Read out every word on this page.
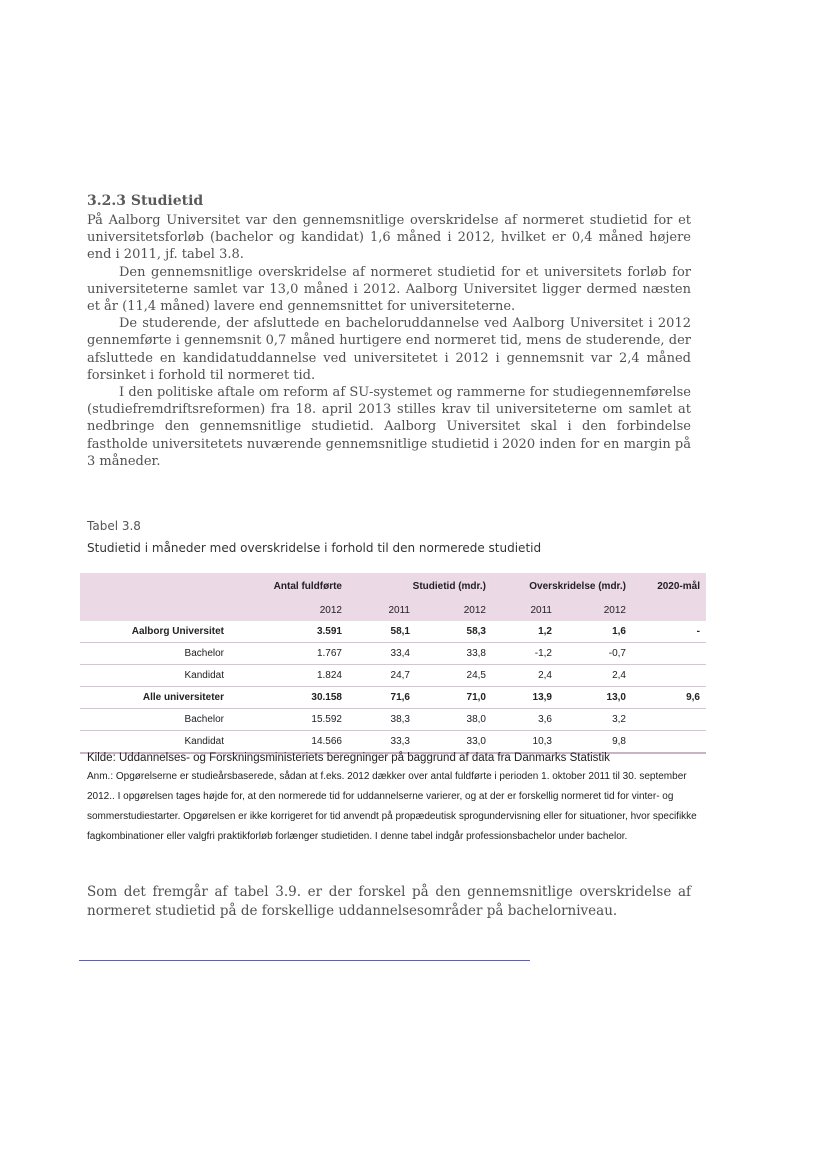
3.2.3 Studietid

På Aalborg Universitet var den gennemsnitlige overskridelse af normeret studietid for et universitetsforløb (bachelor og kandidat) 1,6 måned i 2012, hvilket er 0,4 måned højere end i 2011, jf. tabel 3.8.

Den gennemsnitlige overskridelse af normeret studietid for et universitets forløb for universiteterne samlet var 13,0 måned i 2012. Aalborg Universitet ligger dermed næsten et år (11,4 måned) lavere end gennemsnittet for universiteterne.

De studerende, der afsluttede en bacheloruddannelse ved Aalborg Universitet i 2012 gennemførte i gennemsnit 0,7 måned hurtigere end normeret tid, mens de studerende, der afsluttede en kandidatuddannelse ved universitetet i 2012 i gennemsnit var 2,4 måned forsinket i forhold til normeret tid.

I den politiske aftale om reform af SU-systemet og rammerne for studiegennemførelse (studiefremdriftsreformen) fra 18. april 2013 stilles krav til universiteterne om samlet at nedbringe den gennemsnitlige studietid. Aalborg Universitet skal i den forbindelse fastholde universitetets nuværende gennemsnitlige studietid i 2020 inden for en margin på 3 måneder.

Tabel 3.8
Studietid i måneder med overskridelse i forhold til den normerede studietid
	Antal fuldførte	Studietid (mdr.)		Overskridelse (mdr.)		2020-mål
	2012	2011	2012	2011	2012	
Aalborg Universitet	3.591	58,1	58,3	1,2	1,6	-
Bachelor	1.767	33,4	33,8	-1,2	-0,7	
Kandidat	1.824	24,7	24,5	2,4	2,4	
Alle universiteter	30.158	71,6	71,0	13,9	13,0	9,6
Bachelor	15.592	38,3	38,0	3,6	3,2	
Kandidat	14.566	33,3	33,0	10,3	9,8	

Kilde: Uddannelses- og Forskningsministeriets beregninger på baggrund af data fra Danmarks Statistik

Anm.: Opgørelserne er studieårsbaserede, sådan at f.eks. 2012 dækker over antal fuldførte i perioden 1. oktober 2011 til 30. september 2012.. I opgørelsen tages højde for, at den normerede tid for uddannelserne varierer, og at der er forskellig normeret tid for vinter- og sommerstudiestarter. Opgørelsen er ikke korrigeret for tid anvendt på propædeutisk sprogundervisning eller for situationer, hvor specifikke fagkombinationer eller valgfri praktikforløb forlænger studietiden. I denne tabel indgår professionsbachelor under bachelor.

Som det fremgår af tabel 3.9. er der forskel på den gennemsnitlige overskridelse af normeret studietid på de forskellige uddannelsesområder på bachelorniveau.
